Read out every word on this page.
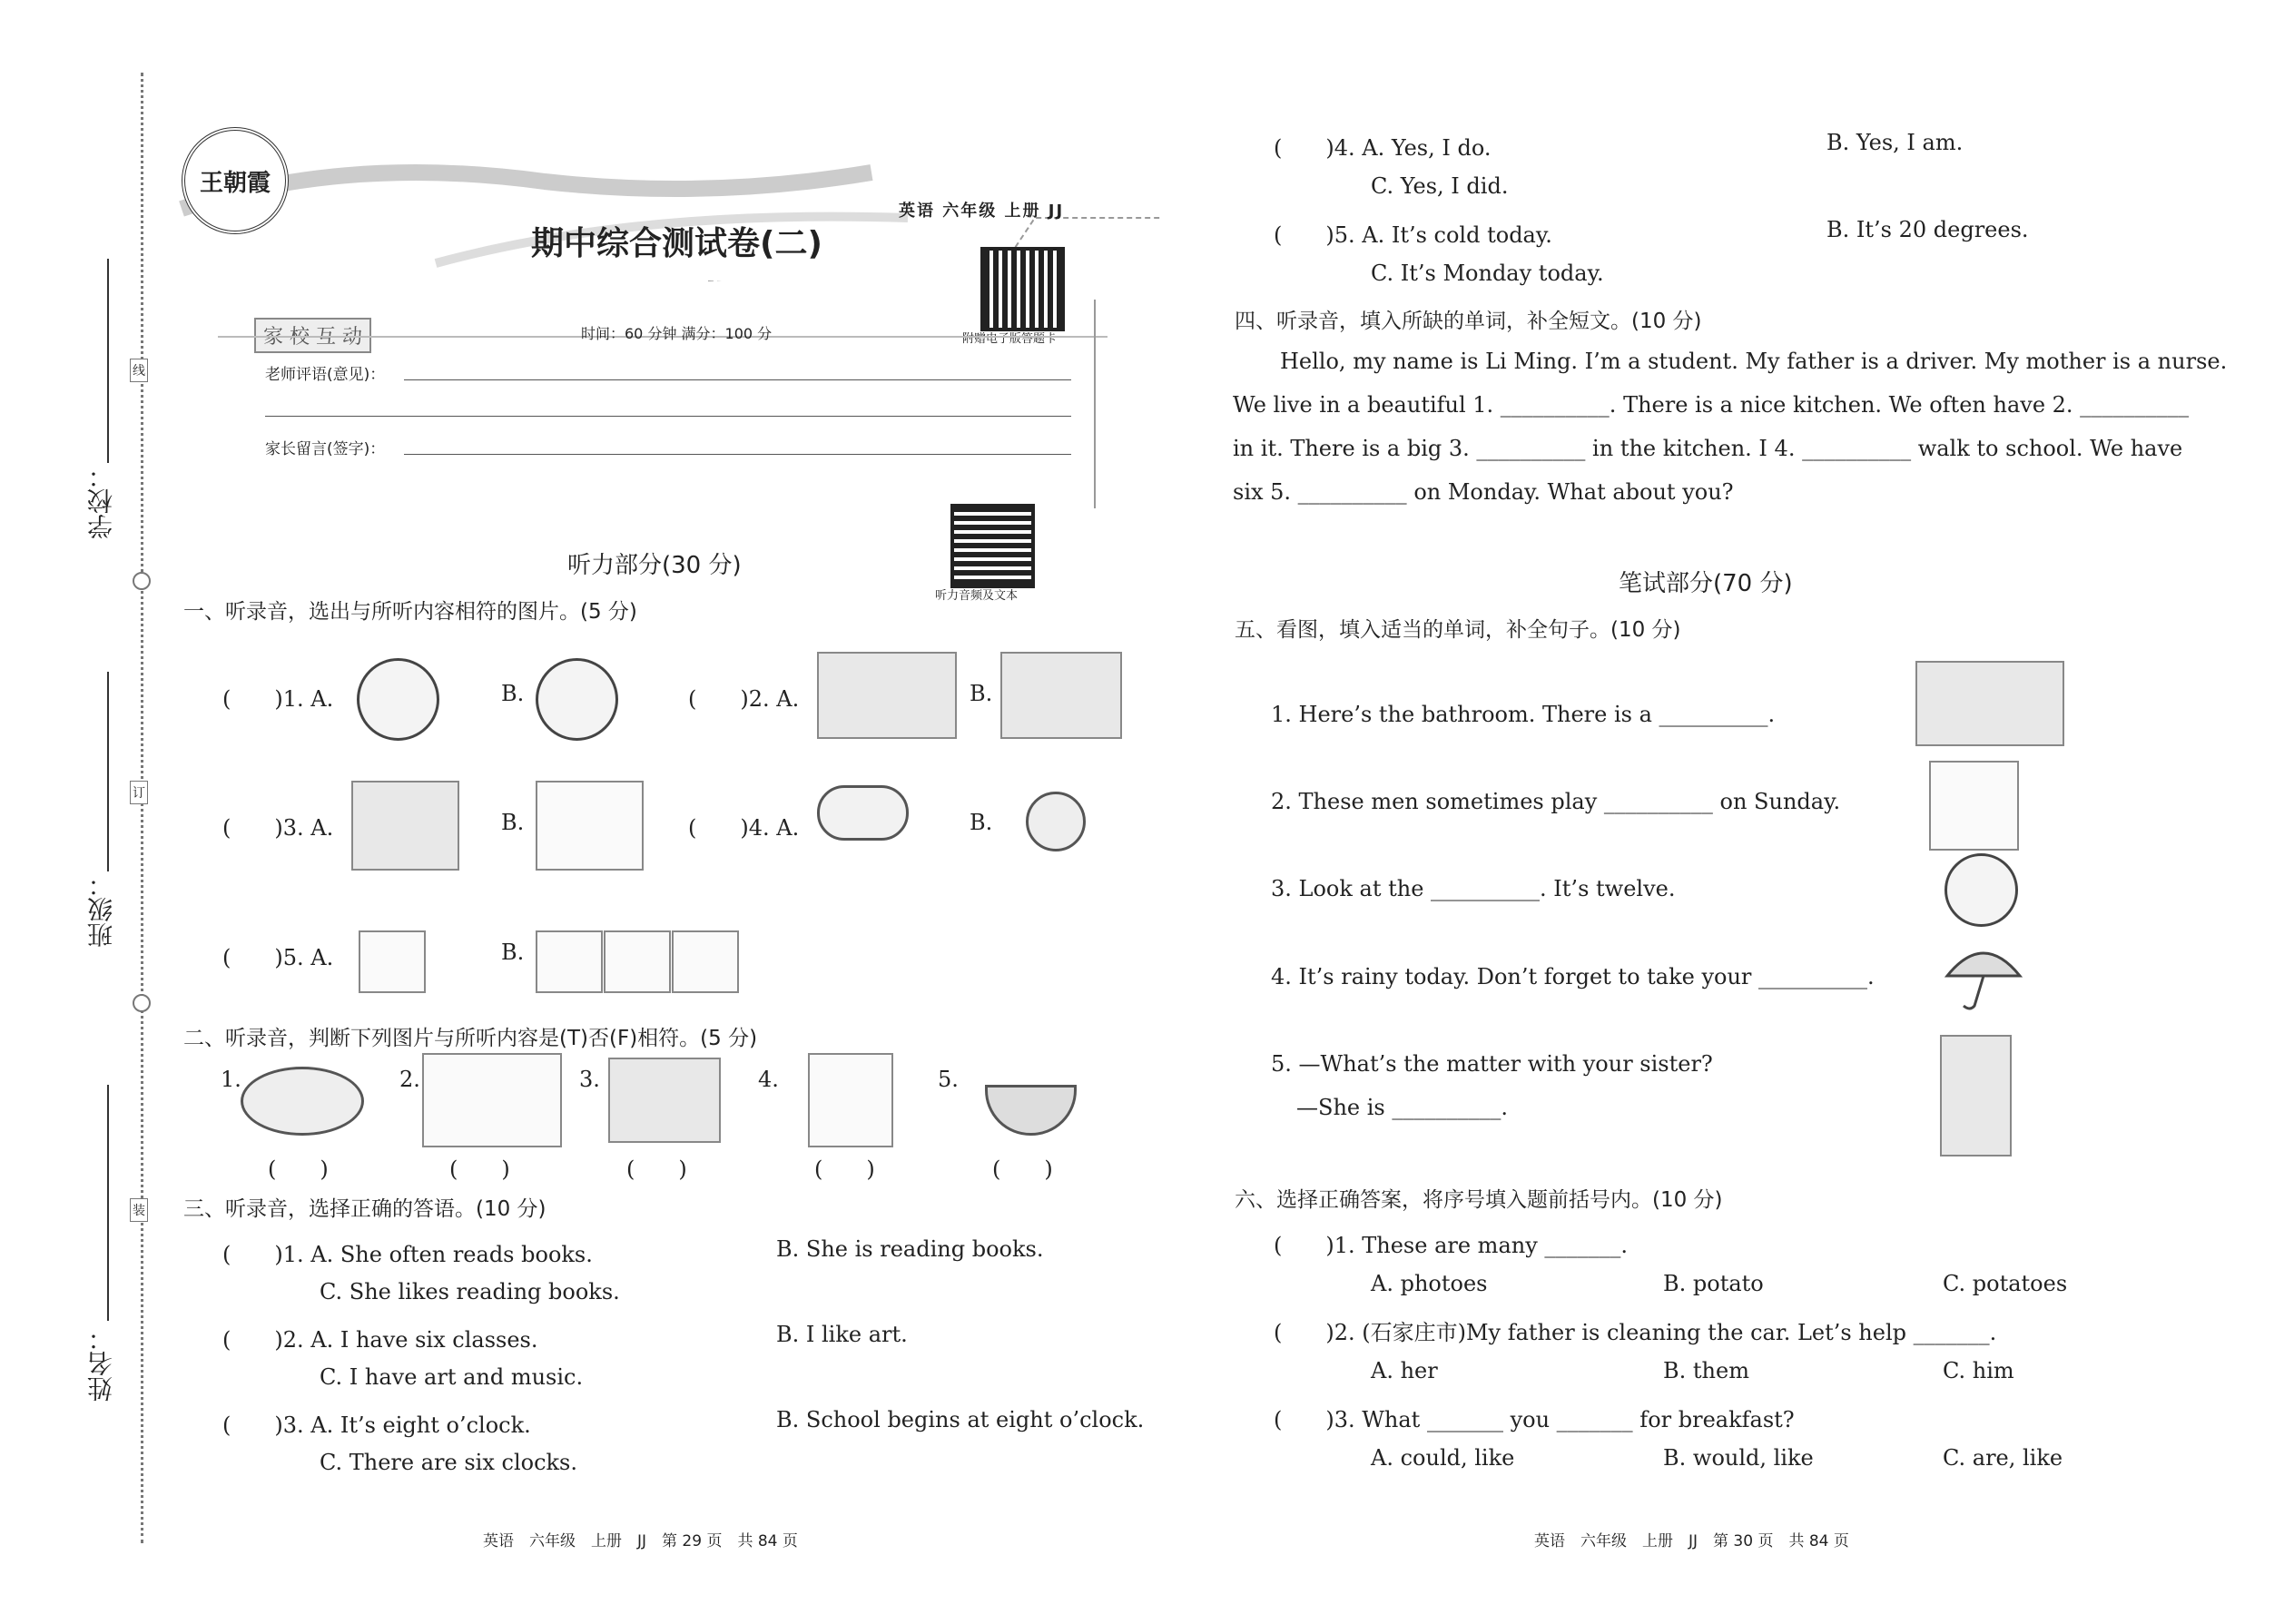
学校：
班级：
姓名：
线
订
装
王朝霞
英语 六年级 上册 JJ
期中综合测试卷(二)
附赠电子版答题卡
听力音频及文本
家 校 互 动	时间：60 分钟 满分：100 分
老师评语(意见)：
家长留言(签字)：
听力部分(30 分)
一、听录音，选出与所听内容相符的图片。(5 分)
(　　)1. A.	B.	(　　)2. A.	B.
(　　)3. A.	B.	(　　)4. A.	B.
(　　)5. A.	B.
二、听录音，判断下列图片与所听内容是(T)否(F)相符。(5 分)
1.	2.	3.	4.	5.
(　　)	(　　)	(　　)	(　　)	(　　)
三、听录音，选择正确的答语。(10 分)
(　　)1. A. She often reads books.	B. She is reading books.
C. She likes reading books.
(　　)2. A. I have six classes.	B. I like art.
C. I have art and music.
(　　)3. A. It’s eight o’clock.	B. School begins at eight o’clock.
C. There are six clocks.
英语　六年级　上册　JJ　第 29 页　共 84 页
(　　)4. A. Yes, I do.	B. Yes, I am.
C. Yes, I did.
(　　)5. A. It’s cold today.	B. It’s 20 degrees.
C. It’s Monday today.
四、听录音，填入所缺的单词，补全短文。(10 分)
Hello, my name is Li Ming. I’m a student. My father is a driver. My mother is a nurse.
We live in a beautiful 1. __________. There is a nice kitchen. We often have 2. __________
in it. There is a big 3. __________ in the kitchen. I 4. __________ walk to school. We have
six 5. __________ on Monday. What about you?
笔试部分(70 分)
五、看图，填入适当的单词，补全句子。(10 分)
1. Here’s the bathroom. There is a __________.
2. These men sometimes play __________ on Sunday.
3. Look at the __________. It’s twelve.
4. It’s rainy today. Don’t forget to take your __________.
5. —What’s the matter with your sister?
—She is __________.
六、选择正确答案，将序号填入题前括号内。(10 分)
(　　)1. These are many _______.
A. photoes	B. potato	C. potatoes
(　　)2. (石家庄市)My father is cleaning the car. Let’s help _______.
A. her	B. them	C. him
(　　)3. What _______ you _______ for breakfast?
A. could, like	B. would, like	C. are, like
英语　六年级　上册　JJ　第 30 页　共 84 页
